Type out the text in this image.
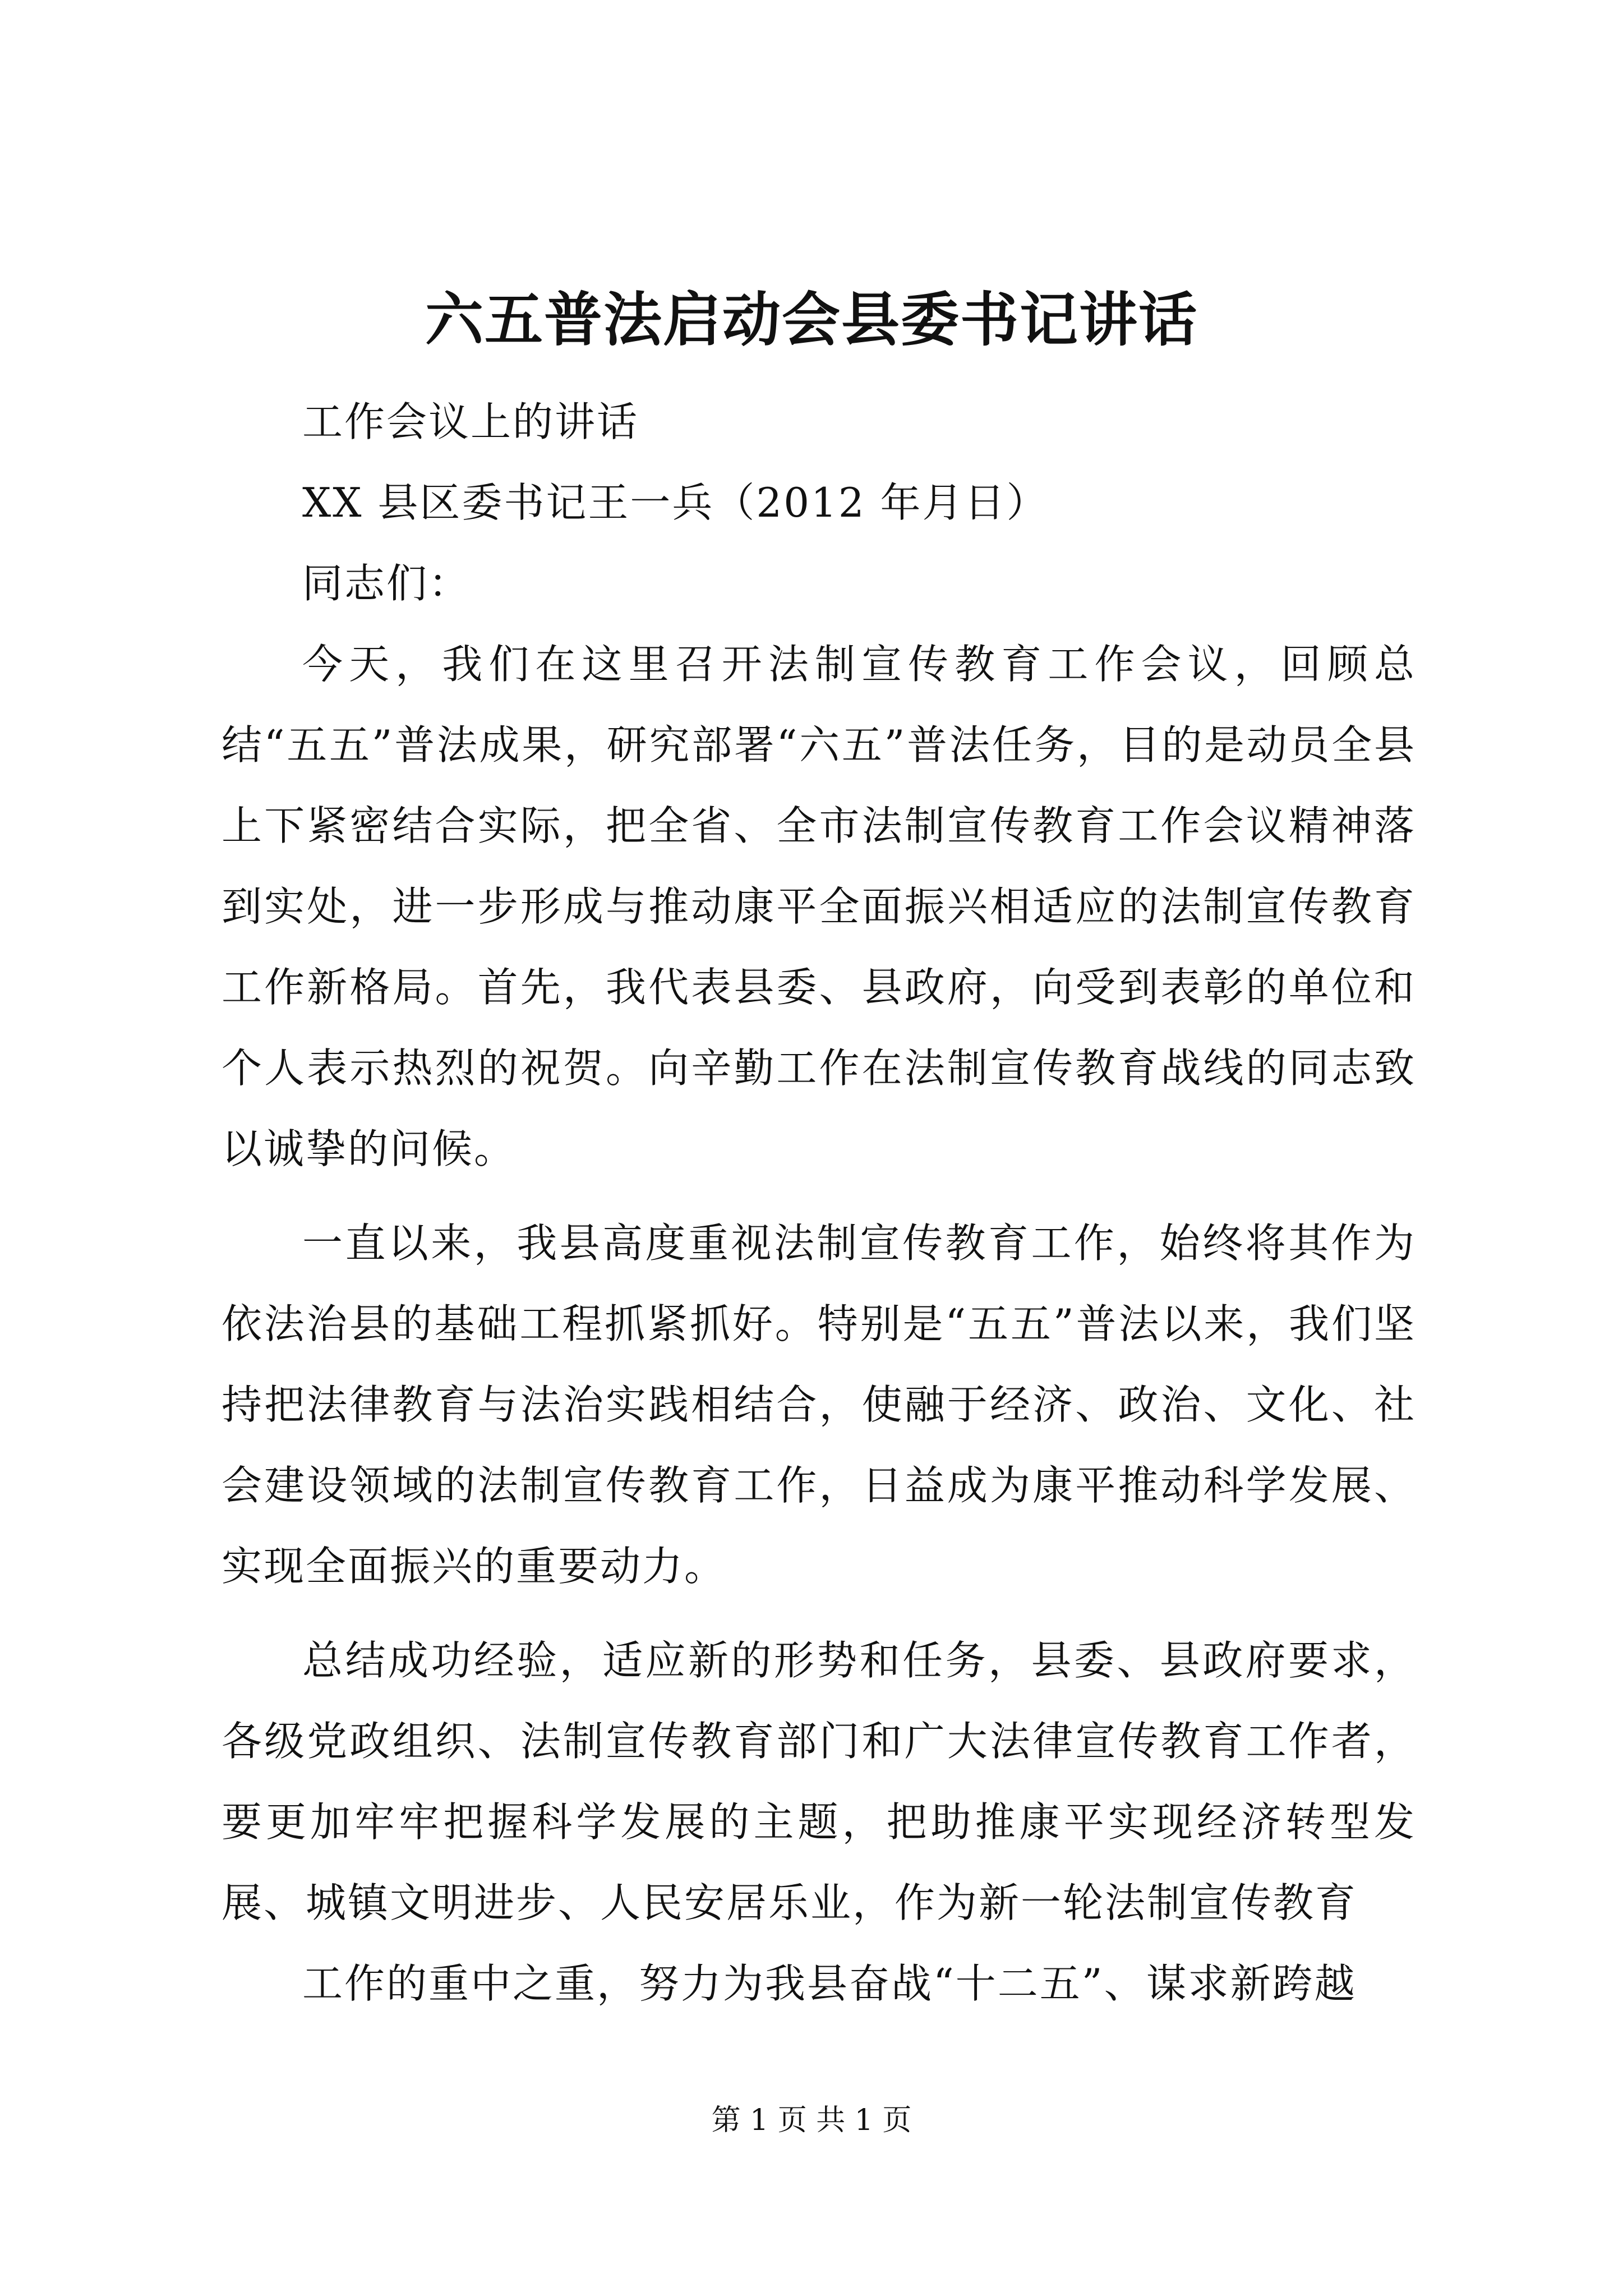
六五普法启动会县委书记讲话

工作会议上的讲话

XX 县区委书记王一兵（2012 年月日）

同志们：

今天，我们在这里召开法制宣传教育工作会议，回顾总结“五五”普法成果，研究部署“六五”普法任务，目的是动员全县上下紧密结合实际，把全省、全市法制宣传教育工作会议精神落到实处，进一步形成与推动康平全面振兴相适应的法制宣传教育工作新格局。首先，我代表县委、县政府，向受到表彰的单位和个人表示热烈的祝贺。向辛勤工作在法制宣传教育战线的同志致以诚挚的问候。

一直以来，我县高度重视法制宣传教育工作，始终将其作为依法治县的基础工程抓紧抓好。特别是“五五”普法以来，我们坚持把法律教育与法治实践相结合，使融于经济、政治、文化、社会建设领域的法制宣传教育工作，日益成为康平推动科学发展、实现全面振兴的重要动力。

总结成功经验，适应新的形势和任务，县委、县政府要求，各级党政组织、法制宣传教育部门和广大法律宣传教育工作者，要更加牢牢把握科学发展的主题，把助推康平实现经济转型发展、城镇文明进步、人民安居乐业，作为新一轮法制宣传教育

工作的重中之重，努力为我县奋战“十二五”、谋求新跨越

第 1 页 共 1 页
